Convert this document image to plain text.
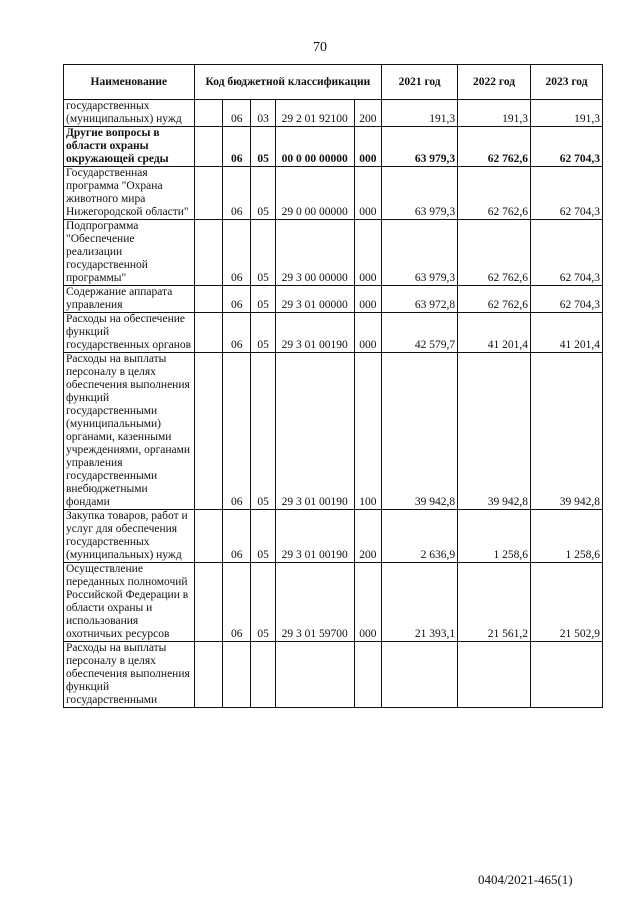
70
Наименование	Код бюджетной классификации					2021 год	2022 год	2023 год
государственных (муниципальных) нужд		06	03	29 2 01 92100	200	191,3	191,3	191,3
Другие вопросы в области охраны окружающей среды		06	05	00 0 00 00000	000	63 979,3	62 762,6	62 704,3
Государственная программа "Охрана животного мира Нижегородской области"		06	05	29 0 00 00000	000	63 979,3	62 762,6	62 704,3
Подпрограмма "Обеспечение реализации государственной программы"		06	05	29 3 00 00000	000	63 979,3	62 762,6	62 704,3
Содержание аппарата управления		06	05	29 3 01 00000	000	63 972,8	62 762,6	62 704,3
Расходы на обеспечение функций государственных органов		06	05	29 3 01 00190	000	42 579,7	41 201,4	41 201,4
Расходы на выплаты персоналу в целях обеспечения выполнения функций государственными (муниципальными) органами, казенными учреждениями, органами управления государственными внебюджетными фондами		06	05	29 3 01 00190	100	39 942,8	39 942,8	39 942,8
Закупка товаров, работ и услуг для обеспечения государственных (муниципальных) нужд		06	05	29 3 01 00190	200	2 636,9	1 258,6	1 258,6
Осуществление переданных полномочий Российской Федерации в области охраны и использования охотничьих ресурсов		06	05	29 3 01 59700	000	21 393,1	21 561,2	21 502,9
Расходы на выплаты персоналу в целях обеспечения выполнения функций государственными								
0404/2021-465(1)
